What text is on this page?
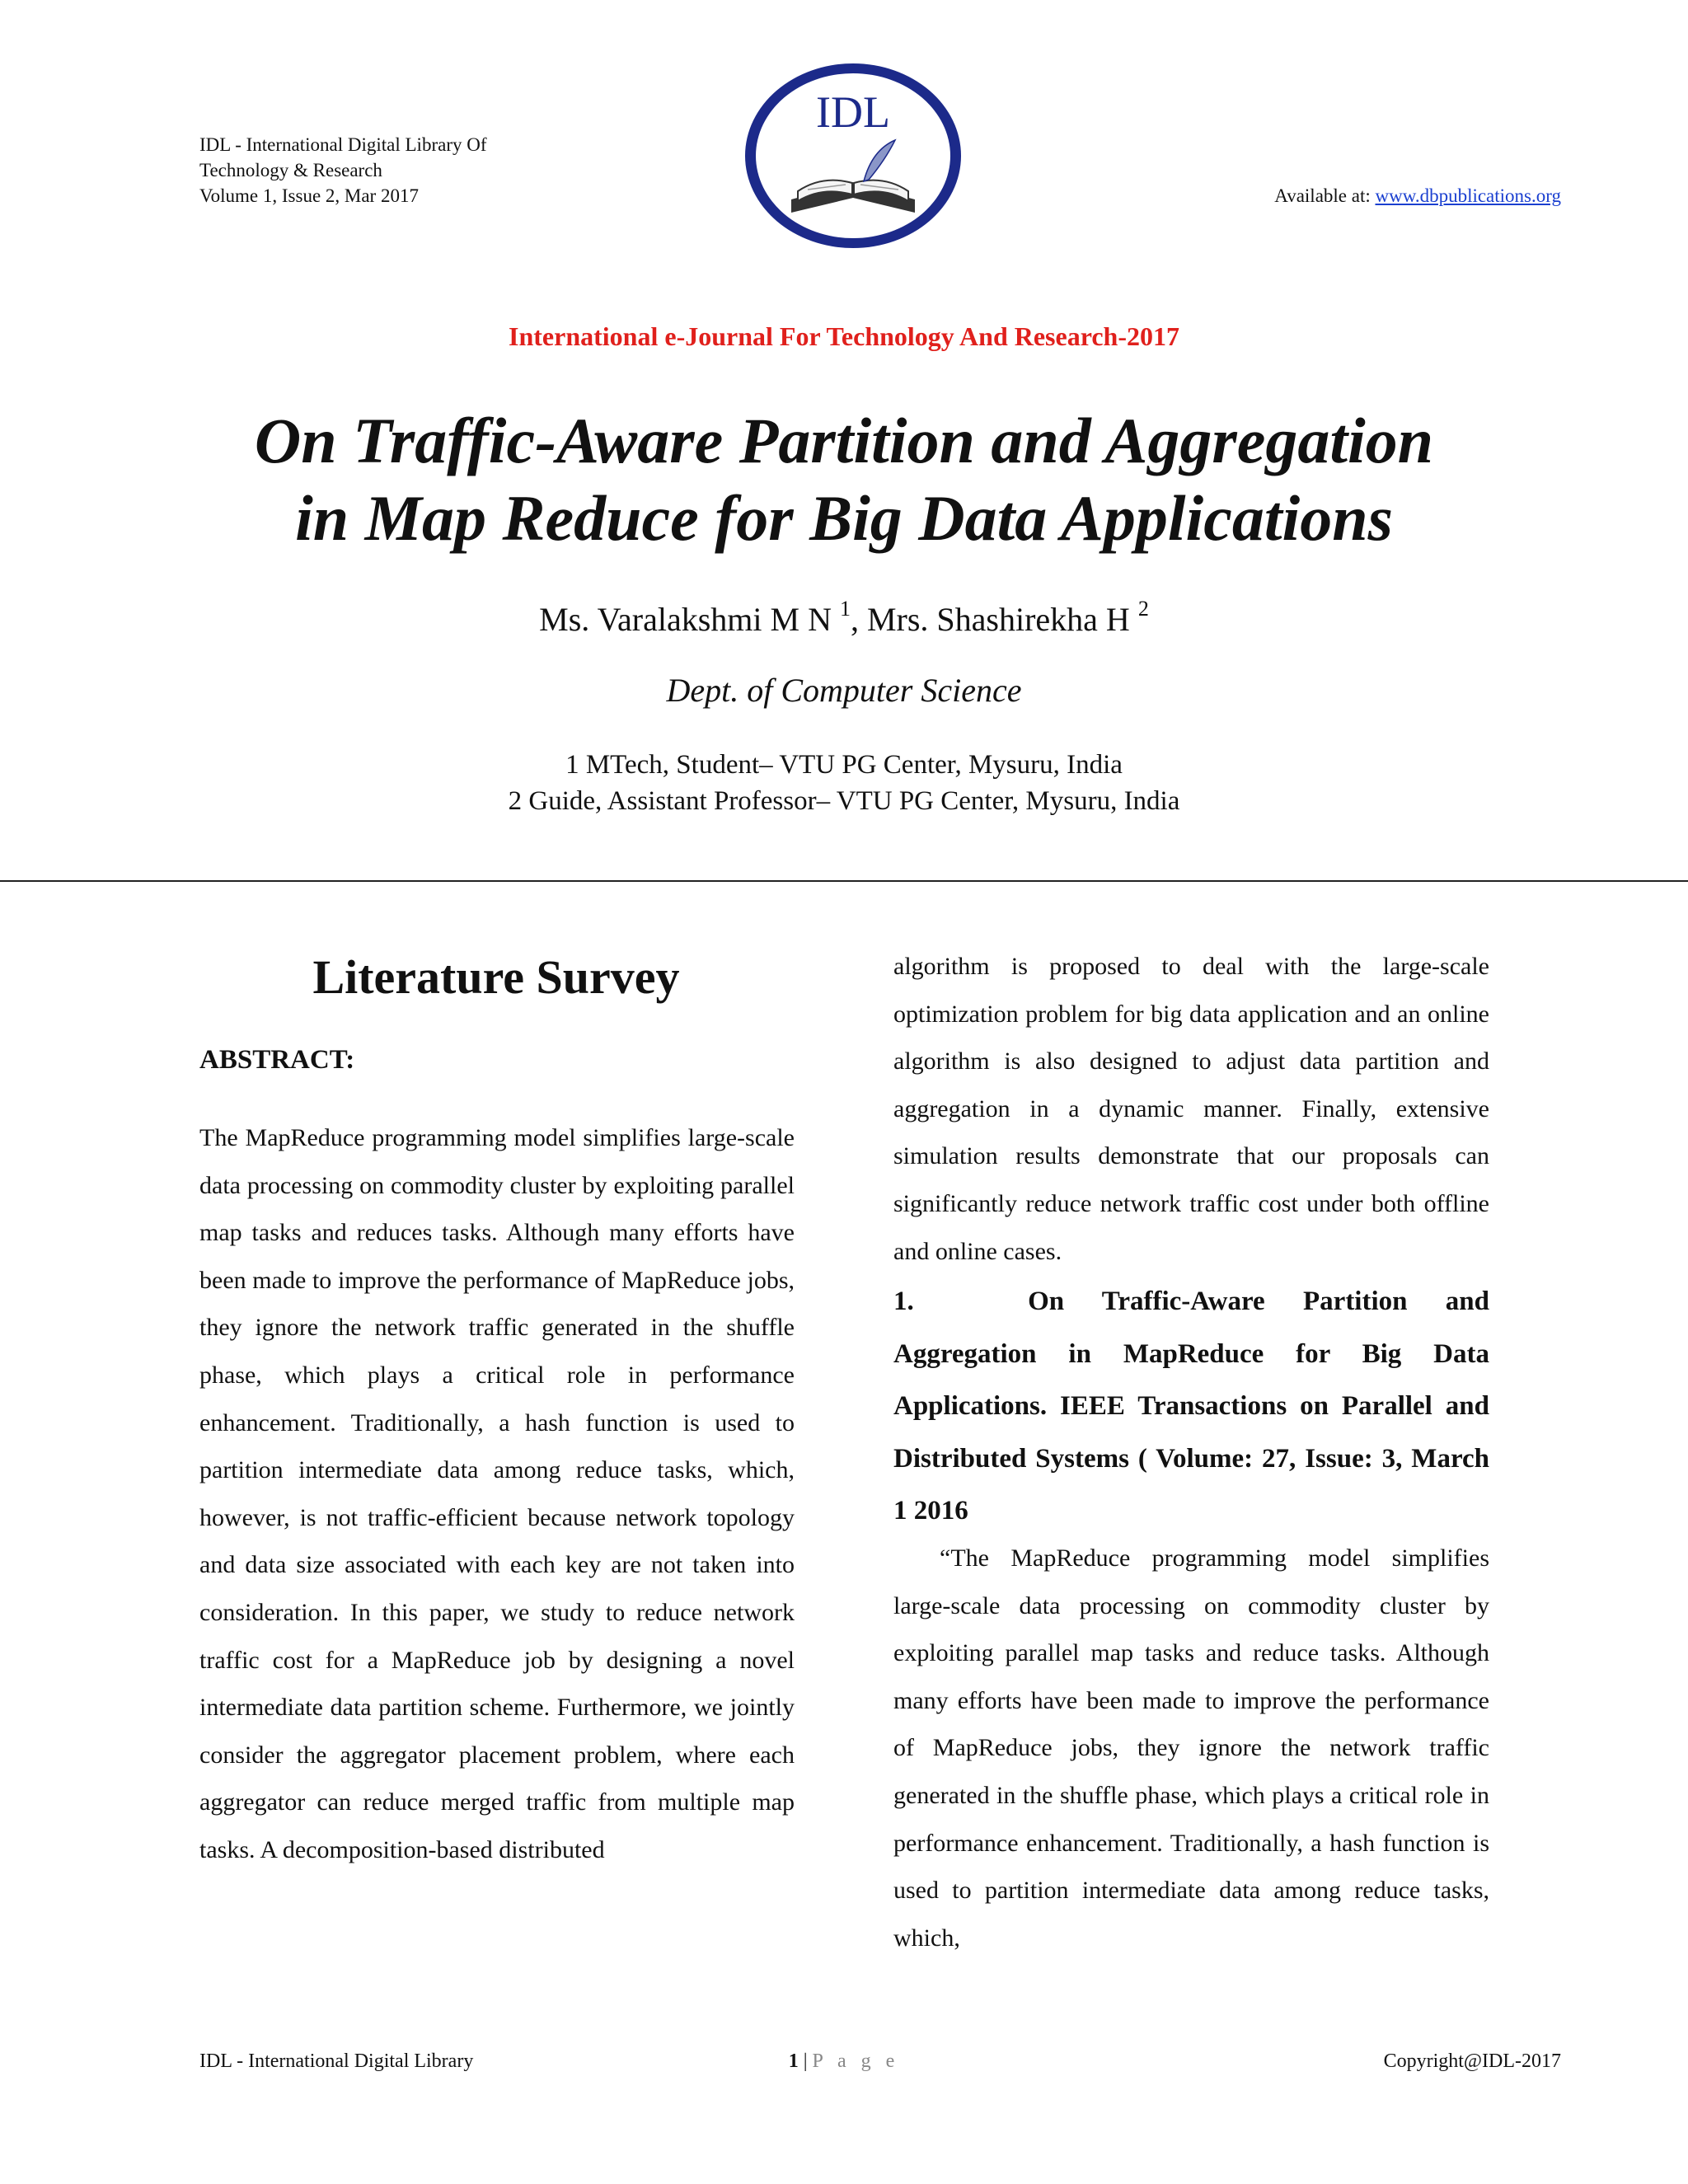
IDL - International Digital Library Of
Technology & Research
Volume 1, Issue 2, Mar 2017
IDL
Available at: www.dbpublications.org
International e-Journal For Technology And Research-2017
On Traffic-Aware Partition and Aggregation
in Map Reduce for Big Data Applications
Ms. Varalakshmi M N $^1$, Mrs. Shashirekha H $^2$
Dept. of Computer Science
1 MTech, Student– VTU PG Center, Mysuru, India
2 Guide, Assistant Professor– VTU PG Center, Mysuru, India
Literature Survey
ABSTRACT:
The MapReduce programming model simplifies large-scale data processing on commodity cluster by exploiting parallel map tasks and reduces tasks. Although many efforts have been made to improve the performance of MapReduce jobs, they ignore the network traffic generated in the shuffle phase, which plays a critical role in performance enhancement. Traditionally, a hash function is used to partition intermediate data among reduce tasks, which, however, is not traffic-efficient because network topology and data size associated with each key are not taken into consideration. In this paper, we study to reduce network traffic cost for a MapReduce job by designing a novel intermediate data partition scheme. Furthermore, we jointly consider the aggregator placement problem, where each aggregator can reduce merged traffic from multiple map tasks. A decomposition-based distributed
algorithm is proposed to deal with the large-scale optimization problem for big data application and an online algorithm is also designed to adjust data partition and aggregation in a dynamic manner. Finally, extensive simulation results demonstrate that our proposals can significantly reduce network traffic cost under both offline and online cases.
1.	On Traffic-Aware Partition and Aggregation in MapReduce for Big Data Applications. IEEE Transactions on Parallel and Distributed Systems ( Volume: 27, Issue: 3, March 1 2016
“The MapReduce programming model simplifies large-scale data processing on commodity cluster by exploiting parallel map tasks and reduce tasks. Although many efforts have been made to improve the performance of MapReduce jobs, they ignore the network traffic generated in the shuffle phase, which plays a critical role in performance enhancement. Traditionally, a hash function is used to partition intermediate data among reduce tasks, which,
IDL - International Digital Library	1 | P a g e	Copyright@IDL-2017
